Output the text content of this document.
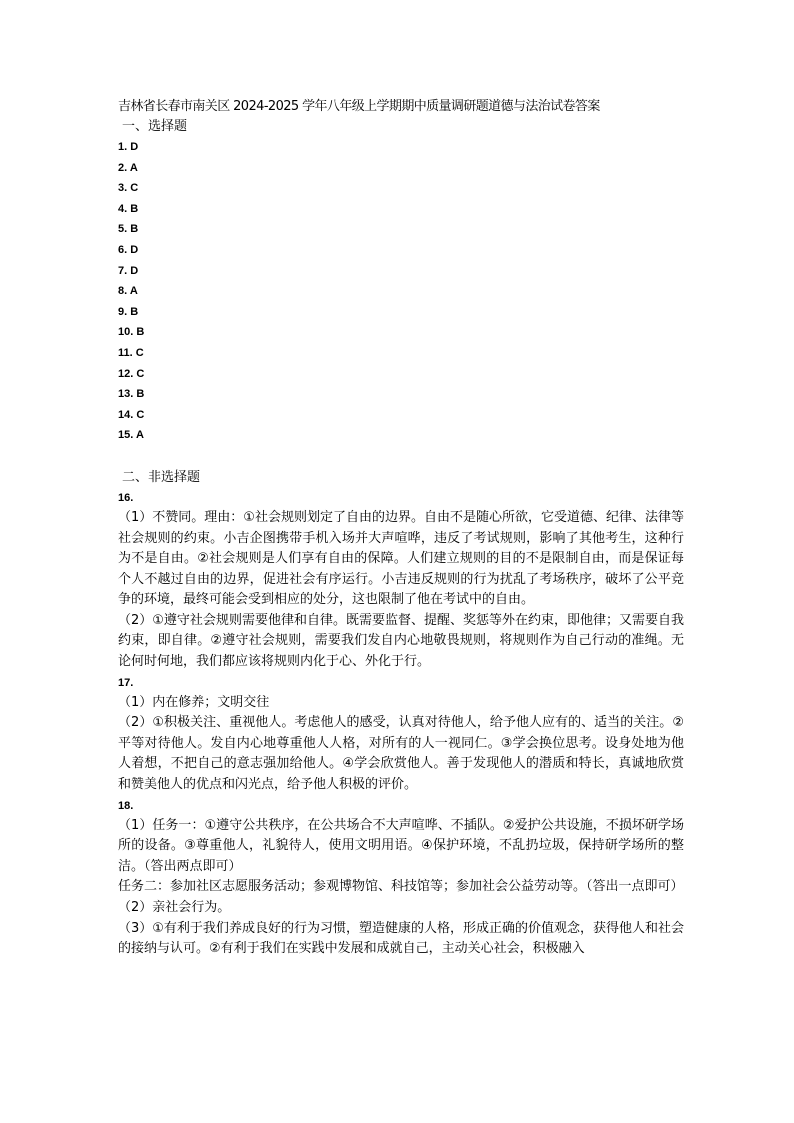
吉林省长春市南关区 2024-2025 学年八年级上学期期中质量调研题道德与法治试卷答案

一、选择题

1. D
2. A
3. C
4. B
5. B
6. D
7. D
8. A
9. B
10. B
11. C
12. C
13. B
14. C
15. A

二、非选择题

16.

（1）不赞同。理由：①社会规则划定了自由的边界。自由不是随心所欲，它受道德、纪律、法律等社会规则的约束。小吉企图携带手机入场并大声喧哗，违反了考试规则，影响了其他考生，这种行为不是自由。②社会规则是人们享有自由的保障。人们建立规则的目的不是限制自由，而是保证每个人不越过自由的边界，促进社会有序运行。小吉违反规则的行为扰乱了考场秩序，破坏了公平竞争的环境，最终可能会受到相应的处分，这也限制了他在考试中的自由。

（2）①遵守社会规则需要他律和自律。既需要监督、提醒、奖惩等外在约束，即他律；又需要自我约束，即自律。②遵守社会规则，需要我们发自内心地敬畏规则，将规则作为自己行动的准绳。无论何时何地，我们都应该将规则内化于心、外化于行。

17.

（1）内在修养；文明交往

（2）①积极关注、重视他人。考虑他人的感受，认真对待他人，给予他人应有的、适当的关注。②平等对待他人。发自内心地尊重他人人格，对所有的人一视同仁。③学会换位思考。设身处地为他人着想，不把自己的意志强加给他人。④学会欣赏他人。善于发现他人的潜质和特长，真诚地欣赏和赞美他人的优点和闪光点，给予他人积极的评价。

18.

（1）任务一：①遵守公共秩序，在公共场合不大声喧哗、不插队。②爱护公共设施，不损坏研学场所的设备。③尊重他人，礼貌待人，使用文明用语。④保护环境，不乱扔垃圾，保持研学场所的整洁。（答出两点即可）

任务二：参加社区志愿服务活动；参观博物馆、科技馆等；参加社会公益劳动等。（答出一点即可）

（2）亲社会行为。

（3）①有利于我们养成良好的行为习惯，塑造健康的人格，形成正确的价值观念，获得他人和社会的接纳与认可。②有利于我们在实践中发展和成就自己，主动关心社会，积极融入
